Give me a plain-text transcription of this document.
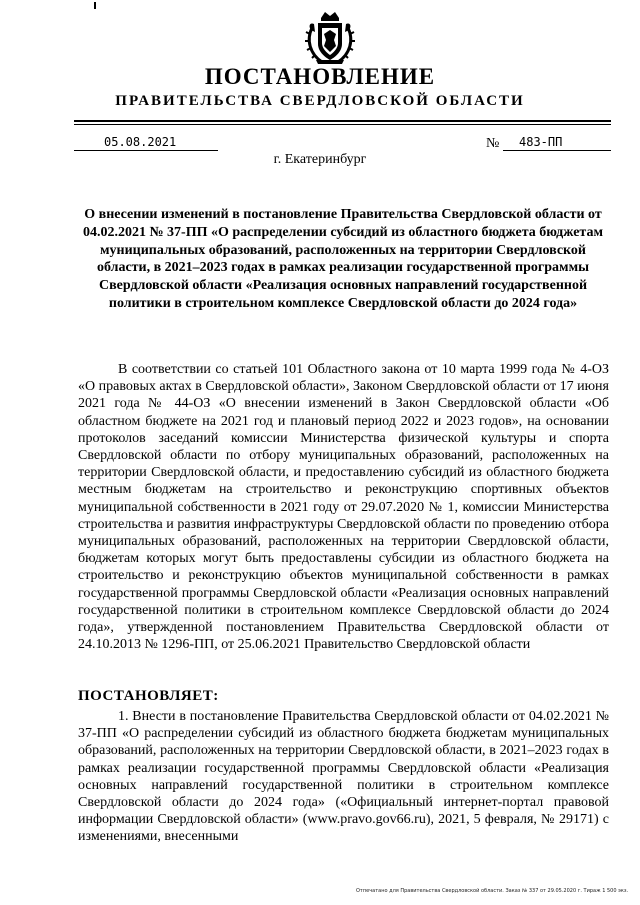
ПОСТАНОВЛЕНИЕ
ПРАВИТЕЛЬСТВА СВЕРДЛОВСКОЙ ОБЛАСТИ
05.08.2021	№	483-ПП
г. Екатеринбург
О внесении изменений в постановление Правительства Свердловской области от 04.02.2021 № 37-ПП «О распределении субсидий из областного бюджета бюджетам муниципальных образований, расположенных на территории Свердловской области, в 2021–2023 годах в рамках реализации государственной программы Свердловской области «Реализация основных направлений государственной политики в строительном комплексе Свердловской области до 2024 года»

В соответствии со статьей 101 Областного закона от 10 марта 1999 года № 4-ОЗ «О правовых актах в Свердловской области», Законом Свердловской области от 17 июня 2021 года № 44-ОЗ «О внесении изменений в Закон Свердловской области «Об областном бюджете на 2021 год и плановый период 2022 и 2023 годов», на основании протоколов заседаний комиссии Министерства физической культуры и спорта Свердловской области по отбору муниципальных образований, расположенных на территории Свердловской области, и предоставлению субсидий из областного бюджета местным бюджетам на строительство и реконструкцию спортивных объектов муниципальной собственности в 2021 году от 29.07.2020 № 1, комиссии Министерства строительства и развития инфраструктуры Свердловской области по проведению отбора муниципальных образований, расположенных на территории Свердловской области, бюджетам которых могут быть предоставлены субсидии из областного бюджета на строительство и реконструкцию объектов муниципальной собственности в рамках государственной программы Свердловской области «Реализация основных направлений государственной политики в строительном комплексе Свердловской области до 2024 года», утвержденной постановлением Правительства Свердловской области от 24.10.2013 № 1296-ПП, от 25.06.2021 Правительство Свердловской области

ПОСТАНОВЛЯЕТ:

1. Внести в постановление Правительства Свердловской области от 04.02.2021 № 37-ПП «О распределении субсидий из областного бюджета бюджетам муниципальных образований, расположенных на территории Свердловской области, в 2021–2023 годах в рамках реализации государственной программы Свердловской области «Реализация основных направлений государственной политики в строительном комплексе Свердловской области до 2024 года» («Официальный интернет-портал правовой информации Свердловской области» (www.pravo.gov66.ru), 2021, 5 февраля, № 29171) с изменениями, внесенными

Отпечатано для Правительства Свердловской области. Заказ № 337 от 29.05.2020 г. Тираж 1 500 экз.
